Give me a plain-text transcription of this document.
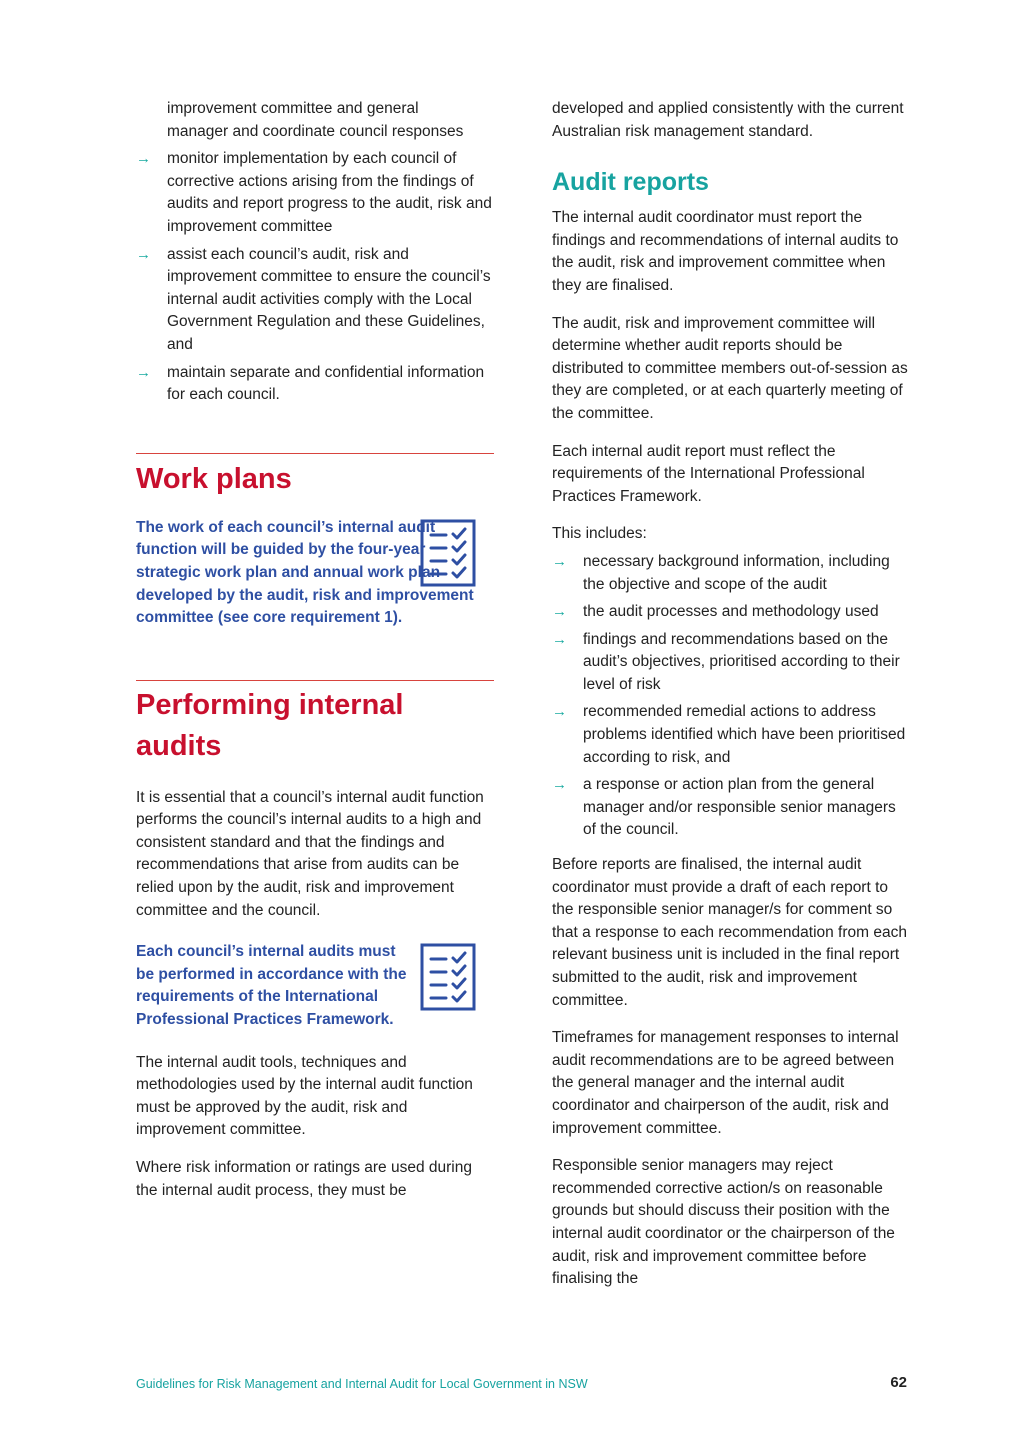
improvement committee and general
manager and coordinate council responses
→ monitor implementation by each council of corrective actions arising from the findings of audits and report progress to the audit, risk and improvement committee
→ assist each council’s audit, risk and improvement committee to ensure the council’s internal audit activities comply with the Local Government Regulation and these Guidelines, and
→ maintain separate and confidential information for each council.
Work plans

The work of each council’s internal audit function will be guided by the four-year strategic work plan and annual work plan developed by the audit, risk and improvement committee (see core requirement 1).

Performing internal
audits

It is essential that a council’s internal audit function performs the council’s internal audits to a high and consistent standard and that the findings and recommendations that arise from audits can be relied upon by the audit, risk and improvement committee and the council.

Each council’s internal audits must be performed in accordance with the requirements of the International Professional Practices Framework.

The internal audit tools, techniques and methodologies used by the internal audit function must be approved by the audit, risk and improvement committee.

Where risk information or ratings are used during the internal audit process, they must be

developed and applied consistently with the current Australian risk management standard.

Audit reports

The internal audit coordinator must report the findings and recommendations of internal audits to the audit, risk and improvement committee when they are finalised.

The audit, risk and improvement committee will determine whether audit reports should be distributed to committee members out-of-session as they are completed, or at each quarterly meeting of the committee.

Each internal audit report must reflect the requirements of the International Professional Practices Framework.

This includes:

→ necessary background information, including the objective and scope of the audit
→ the audit processes and methodology used
→ findings and recommendations based on the audit’s objectives, prioritised according to their level of risk
→ recommended remedial actions to address problems identified which have been prioritised according to risk, and
→ a response or action plan from the general manager and/or responsible senior managers of the council.

Before reports are finalised, the internal audit coordinator must provide a draft of each report to the responsible senior manager/s for comment so that a response to each recommendation from each relevant business unit is included in the final report submitted to the audit, risk and improvement committee.

Timeframes for management responses to internal audit recommendations are to be agreed between the general manager and the internal audit coordinator and chairperson of the audit, risk and improvement committee.

Responsible senior managers may reject recommended corrective action/s on reasonable grounds but should discuss their position with the internal audit coordinator or the chairperson of the audit, risk and improvement committee before finalising the

Guidelines for Risk Management and Internal Audit for Local Government in NSW	62
